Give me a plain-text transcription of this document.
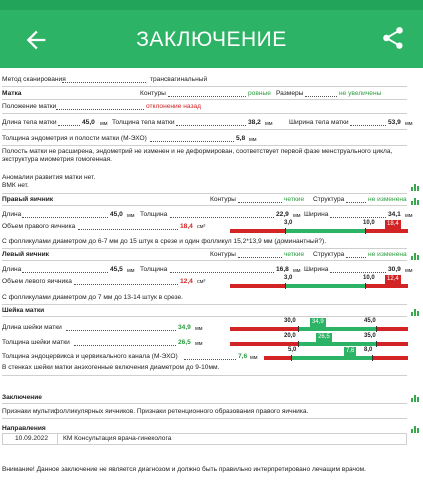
ЗАКЛЮЧЕНИЕ
Метод сканирования	трансвагинальный
Матка	Контуры	ровные Размеры	не увеличены
Положение матки	отклонение назад
Длина тела матки	45,0 мм Толщина тела матки	38,2 мм Ширина тела матки	53,9 мм
Толщина эндометрия и полости матки (М-ЭХО)	5,8 мм
Полость матки не расширена, эндометрий не изменен и не деформирован, соответствует первой фазе менструального цикла,
экструктура миометрия гомогенная.
Аномалии развития матки нет.
ВМК нет.
Правый яичник	Контуры	четкие Структура	не изменена
Длина	45,0 мм Толщина	22,9 мм Ширина	34,1 мм
Объем правого яичника	18,4 см³
3,0	10,0	18,4
С фолликулами диаметром до 6-7 мм до 15 штук в срезе и один фолликул 15,2*13,9 мм (доминантный?).
Левый яичник	Контуры	четкие Структура	не изменена
Длина	45,5 мм Толщина	16,8 мм Ширина	30,9 мм
Объем левого яичника	12,4 см³
3,0	10,0	12,4
С фолликулами диаметром до 7 мм до 13-14 штук в срезе.
Шейка матки
Длина шейки матки	34,9 мм
30,0	45,0
34,9
Толщина шейки матки	26,5 мм
20,0	35,0
26,5
Толщина эндоцервикса и цервикального канала (М-ЭХО)	7,6 мм
5,0	8,0
7,6
В стенках шейки матки анэхогенные включения диаметром до 9-10мм.
Заключение
Признаки мультифолликулярных яичников. Признаки ретенционного образования правого яичника.
Направления
10.09.2022 КМ Консультация врача-гинеколога
Внимание! Данное заключение не является диагнозом и должно быть правильно интерпретировано лечащим врачом.
